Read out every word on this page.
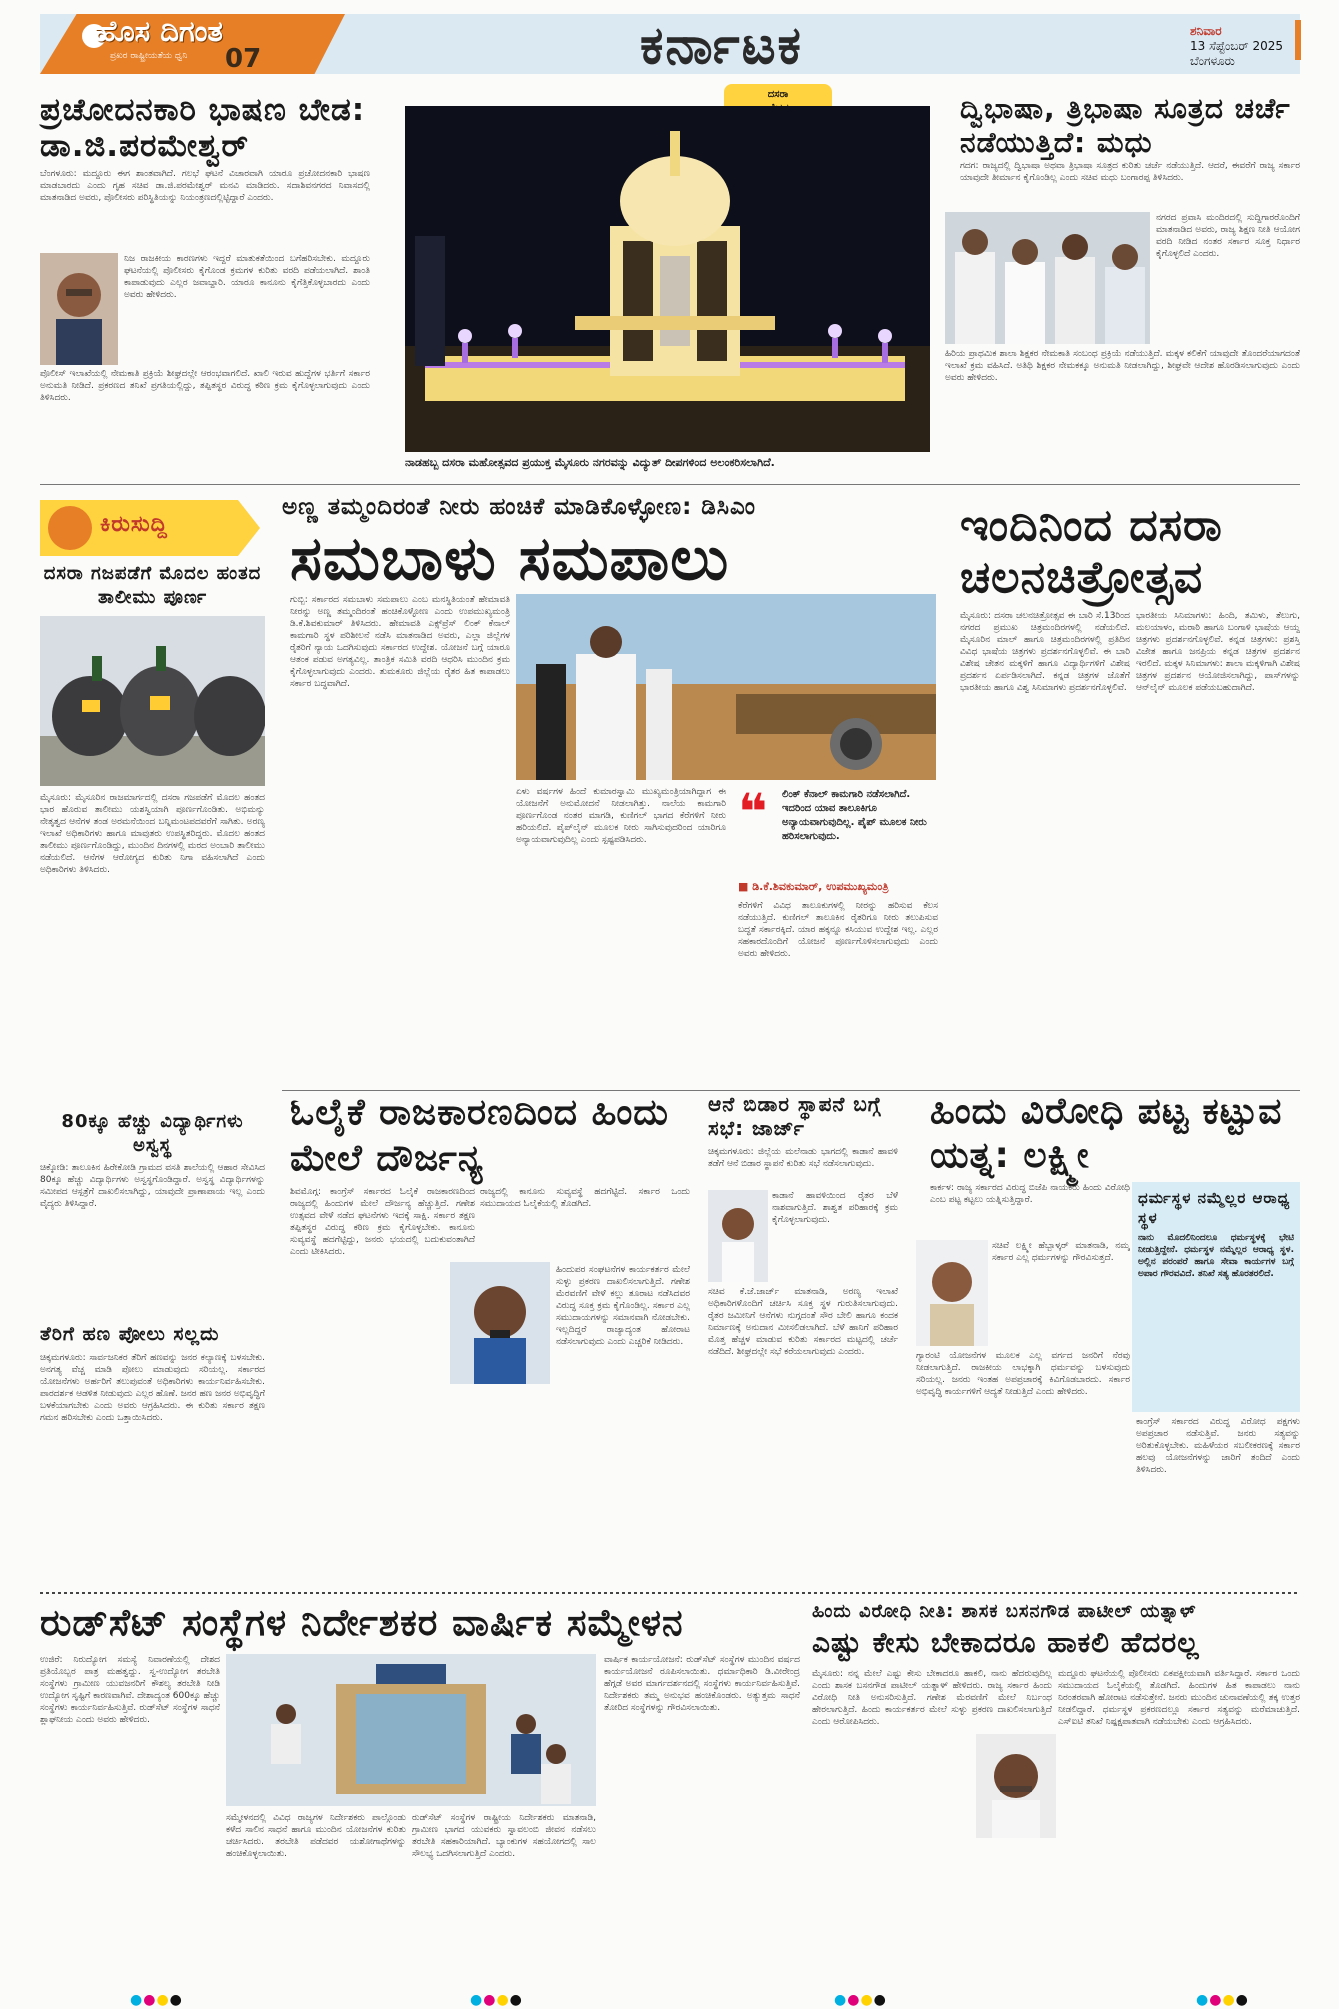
ಹೊಸ ದಿಗಂತ
ಪ್ರಖರ ರಾಷ್ಟ್ರೀಯತೆಯ ಧ್ವನಿ 07	ಕರ್ನಾಟಕ	ಶನಿವಾರ
13 ಸೆಪ್ಟೆಂಬರ್ 2025
ಬೆಂಗಳೂರು
ಪ್ರಚೋದನಕಾರಿ ಭಾಷಣ ಬೇಡ: ಡಾ.ಜಿ.ಪರಮೇಶ್ವರ್
ಬೆಂಗಳೂರು: ಮದ್ದೂರು ಈಗ ಶಾಂತವಾಗಿದೆ. ಗಲಭೆ ಘಟನೆ ವಿಚಾರವಾಗಿ ಯಾರೂ ಪ್ರಚೋದನಕಾರಿ ಭಾಷಣ ಮಾಡಬಾರದು ಎಂದು ಗೃಹ ಸಚಿವ ಡಾ.ಜಿ.ಪರಮೇಶ್ವರ್ ಮನವಿ ಮಾಡಿದರು. ಸದಾಶಿವನಗರದ ನಿವಾಸದಲ್ಲಿ ಮಾತನಾಡಿದ ಅವರು, ಪೊಲೀಸರು ಪರಿಸ್ಥಿತಿಯನ್ನು ನಿಯಂತ್ರಣದಲ್ಲಿಟ್ಟಿದ್ದಾರೆ ಎಂದರು.
ನಿಜ ರಾಜಕೀಯ ಕಾರಣಗಳು ಇದ್ದರೆ ಮಾತುಕತೆಯಿಂದ ಬಗೆಹರಿಸಬೇಕು. ಮದ್ದೂರು ಘಟನೆಯಲ್ಲಿ ಪೊಲೀಸರು ಕೈಗೊಂಡ ಕ್ರಮಗಳ ಕುರಿತು ವರದಿ ಪಡೆಯಲಾಗಿದೆ. ಶಾಂತಿ ಕಾಪಾಡುವುದು ಎಲ್ಲರ ಜವಾಬ್ದಾರಿ. ಯಾರೂ ಕಾನೂನು ಕೈಗೆತ್ತಿಕೊಳ್ಳಬಾರದು ಎಂದು ಅವರು ಹೇಳಿದರು.
ಪೊಲೀಸ್ ಇಲಾಖೆಯಲ್ಲಿ ನೇಮಕಾತಿ ಪ್ರಕ್ರಿಯೆ ಶೀಘ್ರದಲ್ಲೇ ಆರಂಭವಾಗಲಿದೆ. ಖಾಲಿ ಇರುವ ಹುದ್ದೆಗಳ ಭರ್ತಿಗೆ ಸರ್ಕಾರ ಅನುಮತಿ ನೀಡಿದೆ. ಪ್ರಕರಣದ ತನಿಖೆ ಪ್ರಗತಿಯಲ್ಲಿದ್ದು, ತಪ್ಪಿತಸ್ಥರ ವಿರುದ್ಧ ಕಠಿಣ ಕ್ರಮ ಕೈಗೊಳ್ಳಲಾಗುವುದು ಎಂದು ತಿಳಿಸಿದರು.
ದಸರಾ
ನಾಡಹಬ್ಬ ದಸರಾ ಮಹೋತ್ಸವದ ಪ್ರಯುಕ್ತ ಮೈಸೂರು ನಗರವನ್ನು ವಿದ್ಯುತ್ ದೀಪಗಳಿಂದ ಅಲಂಕರಿಸಲಾಗಿದೆ.
ದ್ವಿಭಾಷಾ, ತ್ರಿಭಾಷಾ ಸೂತ್ರದ ಚರ್ಚೆ ನಡೆಯುತ್ತಿದೆ: ಮಧು
ಗದಗ: ರಾಜ್ಯದಲ್ಲಿ ದ್ವಿಭಾಷಾ ಅಥವಾ ತ್ರಿಭಾಷಾ ಸೂತ್ರದ ಕುರಿತು ಚರ್ಚೆ ನಡೆಯುತ್ತಿದೆ. ಆದರೆ, ಈವರೆಗೆ ರಾಜ್ಯ ಸರ್ಕಾರ ಯಾವುದೇ ತೀರ್ಮಾನ ಕೈಗೊಂಡಿಲ್ಲ ಎಂದು ಸಚಿವ ಮಧು ಬಂಗಾರಪ್ಪ ತಿಳಿಸಿದರು.
ನಗರದ ಪ್ರವಾಸಿ ಮಂದಿರದಲ್ಲಿ ಸುದ್ದಿಗಾರರೊಂದಿಗೆ ಮಾತನಾಡಿದ ಅವರು, ರಾಜ್ಯ ಶಿಕ್ಷಣ ನೀತಿ ಆಯೋಗ ವರದಿ ನೀಡಿದ ನಂತರ ಸರ್ಕಾರ ಸೂಕ್ತ ನಿರ್ಧಾರ ಕೈಗೊಳ್ಳಲಿದೆ ಎಂದರು.
ಹಿರಿಯ ಪ್ರಾಥಮಿಕ ಶಾಲಾ ಶಿಕ್ಷಕರ ನೇಮಕಾತಿ ಸಂಬಂಧ ಪ್ರಕ್ರಿಯೆ ನಡೆಯುತ್ತಿದೆ. ಮಕ್ಕಳ ಕಲಿಕೆಗೆ ಯಾವುದೇ ತೊಂದರೆಯಾಗದಂತೆ ಇಲಾಖೆ ಕ್ರಮ ವಹಿಸಿದೆ. ಅತಿಥಿ ಶಿಕ್ಷಕರ ನೇಮಕಕ್ಕೂ ಅನುಮತಿ ನೀಡಲಾಗಿದ್ದು, ಶೀಘ್ರವೇ ಆದೇಶ ಹೊರಡಿಸಲಾಗುವುದು ಎಂದು ಅವರು ಹೇಳಿದರು.
ಕಿರುಸುದ್ದಿ
ದಸರಾ ಗಜಪಡೆಗೆ ಮೊದಲ ಹಂತದ ತಾಲೀಮು ಪೂರ್ಣ
ಮೈಸೂರು: ಮೈಸೂರಿನ ರಾಜಮಾರ್ಗದಲ್ಲಿ ದಸರಾ ಗಜಪಡೆಗೆ ಮೊದಲ ಹಂತದ ಭಾರ ಹೊರುವ ತಾಲೀಮು ಯಶಸ್ವಿಯಾಗಿ ಪೂರ್ಣಗೊಂಡಿತು. ಅಭಿಮನ್ಯು ನೇತೃತ್ವದ ಆನೆಗಳ ತಂಡ ಅರಮನೆಯಿಂದ ಬನ್ನಿಮಂಟಪದವರೆಗೆ ಸಾಗಿತು. ಅರಣ್ಯ ಇಲಾಖೆ ಅಧಿಕಾರಿಗಳು ಹಾಗೂ ಮಾವುತರು ಉಪಸ್ಥಿತರಿದ್ದರು. ಮೊದಲ ಹಂತದ ತಾಲೀಮು ಪೂರ್ಣಗೊಂಡಿದ್ದು, ಮುಂದಿನ ದಿನಗಳಲ್ಲಿ ಮರದ ಅಂಬಾರಿ ತಾಲೀಮು ನಡೆಯಲಿದೆ. ಆನೆಗಳ ಆರೋಗ್ಯದ ಕುರಿತು ನಿಗಾ ವಹಿಸಲಾಗಿದೆ ಎಂದು ಅಧಿಕಾರಿಗಳು ತಿಳಿಸಿದರು.
ಅಣ್ಣ ತಮ್ಮಂದಿರಂತೆ ನೀರು ಹಂಚಿಕೆ ಮಾಡಿಕೊಳ್ಳೋಣ: ಡಿಸಿಎಂ
ಸಮಬಾಳು ಸಮಪಾಲು
ಗುಬ್ಬಿ: ಸರ್ಕಾರದ ಸಮಬಾಳು ಸಮಪಾಲು ಎಂಬ ಮನಸ್ಥಿತಿಯಂತೆ ಹೇಮಾವತಿ ನೀರನ್ನು ಅಣ್ಣ ತಮ್ಮಂದಿರಂತೆ ಹಂಚಿಕೊಳ್ಳೋಣ ಎಂದು ಉಪಮುಖ್ಯಮಂತ್ರಿ ಡಿ.ಕೆ.ಶಿವಕುಮಾರ್ ತಿಳಿಸಿದರು. ಹೇಮಾವತಿ ಎಕ್ಸ್‌ಪ್ರೆಸ್ ಲಿಂಕ್ ಕೆನಾಲ್ ಕಾಮಗಾರಿ ಸ್ಥಳ ಪರಿಶೀಲನೆ ನಡೆಸಿ ಮಾತನಾಡಿದ ಅವರು, ಎಲ್ಲಾ ಜಿಲ್ಲೆಗಳ ರೈತರಿಗೆ ನ್ಯಾಯ ಒದಗಿಸುವುದು ಸರ್ಕಾರದ ಉದ್ದೇಶ. ಯೋಜನೆ ಬಗ್ಗೆ ಯಾರೂ ಆತಂಕ ಪಡುವ ಅಗತ್ಯವಿಲ್ಲ. ತಾಂತ್ರಿಕ ಸಮಿತಿ ವರದಿ ಆಧರಿಸಿ ಮುಂದಿನ ಕ್ರಮ ಕೈಗೊಳ್ಳಲಾಗುವುದು ಎಂದರು. ತುಮಕೂರು ಜಿಲ್ಲೆಯ ರೈತರ ಹಿತ ಕಾಪಾಡಲು ಸರ್ಕಾರ ಬದ್ಧವಾಗಿದೆ.
ಏಳು ವರ್ಷಗಳ ಹಿಂದೆ ಕುಮಾರಸ್ವಾಮಿ ಮುಖ್ಯಮಂತ್ರಿಯಾಗಿದ್ದಾಗ ಈ ಯೋಜನೆಗೆ ಅನುಮೋದನೆ ನೀಡಲಾಗಿತ್ತು. ನಾಲೆಯ ಕಾಮಗಾರಿ ಪೂರ್ಣಗೊಂಡ ನಂತರ ಮಾಗಡಿ, ಕುಣಿಗಲ್ ಭಾಗದ ಕೆರೆಗಳಿಗೆ ನೀರು ಹರಿಯಲಿದೆ. ಪೈಪ್‌ಲೈನ್ ಮೂಲಕ ನೀರು ಸಾಗಿಸುವುದರಿಂದ ಯಾರಿಗೂ ಅನ್ಯಾಯವಾಗುವುದಿಲ್ಲ ಎಂದು ಸ್ಪಷ್ಟಪಡಿಸಿದರು.	❝	ಲಿಂಕ್ ಕೆನಾಲ್ ಕಾಮಗಾರಿ ನಡೆಸಲಾಗಿದೆ. ಇದರಿಂದ ಯಾವ ತಾಲೂಕಿಗೂ ಅನ್ಯಾಯವಾಗುವುದಿಲ್ಲ. ಪೈಪ್ ಮೂಲಕ ನೀರು ಹರಿಸಲಾಗುವುದು.
■ ಡಿ.ಕೆ.ಶಿವಕುಮಾರ್, ಉಪಮುಖ್ಯಮಂತ್ರಿ
ಕೆರೆಗಳಿಗೆ ವಿವಿಧ ತಾಲೂಕುಗಳಲ್ಲಿ ನೀರನ್ನು ಹರಿಸುವ ಕೆಲಸ ನಡೆಯುತ್ತಿದೆ. ಕುಣಿಗಲ್ ತಾಲೂಕಿನ ರೈತರಿಗೂ ನೀರು ತಲುಪಿಸುವ ಬದ್ಧತೆ ಸರ್ಕಾರಕ್ಕಿದೆ. ಯಾರ ಹಕ್ಕನ್ನೂ ಕಸಿಯುವ ಉದ್ದೇಶ ಇಲ್ಲ. ಎಲ್ಲರ ಸಹಕಾರದೊಂದಿಗೆ ಯೋಜನೆ ಪೂರ್ಣಗೊಳಿಸಲಾಗುವುದು ಎಂದು ಅವರು ಹೇಳಿದರು.
ಇಂದಿನಿಂದ ದಸರಾ ಚಲನಚಿತ್ರೋತ್ಸವ
ಮೈಸೂರು: ದಸರಾ ಚಲನಚಿತ್ರೋತ್ಸವ ಈ ಬಾರಿ ಸೆ.13ರಿಂದ ನಗರದ ಪ್ರಮುಖ ಚಿತ್ರಮಂದಿರಗಳಲ್ಲಿ ನಡೆಯಲಿದೆ. ಮೈಸೂರಿನ ಮಾಲ್ ಹಾಗೂ ಚಿತ್ರಮಂದಿರಗಳಲ್ಲಿ ಪ್ರತಿದಿನ ವಿವಿಧ ಭಾಷೆಯ ಚಿತ್ರಗಳು ಪ್ರದರ್ಶನಗೊಳ್ಳಲಿವೆ. ಈ ಬಾರಿ ವಿಶೇಷ ಚೇತನ ಮಕ್ಕಳಿಗೆ ಹಾಗೂ ವಿದ್ಯಾರ್ಥಿಗಳಿಗೆ ವಿಶೇಷ ಪ್ರದರ್ಶನ ಏರ್ಪಡಿಸಲಾಗಿದೆ. ಕನ್ನಡ ಚಿತ್ರಗಳ ಜೊತೆಗೆ ಭಾರತೀಯ ಹಾಗೂ ವಿಶ್ವ ಸಿನಿಮಾಗಳು ಪ್ರದರ್ಶನಗೊಳ್ಳಲಿವೆ.
ಭಾರತೀಯ ಸಿನಿಮಾಗಳು: ಹಿಂದಿ, ತಮಿಳು, ತೆಲುಗು, ಮಲಯಾಳಂ, ಮರಾಠಿ ಹಾಗೂ ಬಂಗಾಳಿ ಭಾಷೆಯ ಆಯ್ದ ಚಿತ್ರಗಳು ಪ್ರದರ್ಶನಗೊಳ್ಳಲಿವೆ. ಕನ್ನಡ ಚಿತ್ರಗಳು: ಪ್ರಶಸ್ತಿ ವಿಜೇತ ಹಾಗೂ ಜನಪ್ರಿಯ ಕನ್ನಡ ಚಿತ್ರಗಳ ಪ್ರದರ್ಶನ ಇರಲಿದೆ. ಮಕ್ಕಳ ಸಿನಿಮಾಗಳು: ಶಾಲಾ ಮಕ್ಕಳಿಗಾಗಿ ವಿಶೇಷ ಚಿತ್ರಗಳ ಪ್ರದರ್ಶನ ಆಯೋಜಿಸಲಾಗಿದ್ದು, ಪಾಸ್‌ಗಳನ್ನು ಆನ್‌ಲೈನ್ ಮೂಲಕ ಪಡೆಯಬಹುದಾಗಿದೆ.
80ಕ್ಕೂ ಹೆಚ್ಚು ವಿದ್ಯಾರ್ಥಿಗಳು ಅಸ್ವಸ್ಥ
ಚಿಕ್ಕೋಡಿ: ತಾಲೂಕಿನ ಹಿರೇಕೋಡಿ ಗ್ರಾಮದ ವಸತಿ ಶಾಲೆಯಲ್ಲಿ ಆಹಾರ ಸೇವಿಸಿದ 80ಕ್ಕೂ ಹೆಚ್ಚು ವಿದ್ಯಾರ್ಥಿಗಳು ಅಸ್ವಸ್ಥಗೊಂಡಿದ್ದಾರೆ. ಅಸ್ವಸ್ಥ ವಿದ್ಯಾರ್ಥಿಗಳನ್ನು ಸಮೀಪದ ಆಸ್ಪತ್ರೆಗೆ ದಾಖಲಿಸಲಾಗಿದ್ದು, ಯಾವುದೇ ಪ್ರಾಣಾಪಾಯ ಇಲ್ಲ ಎಂದು ವೈದ್ಯರು ತಿಳಿಸಿದ್ದಾರೆ.
ತೆರಿಗೆ ಹಣ ಪೋಲು ಸಲ್ಲದು
ಚಿಕ್ಕಮಗಳೂರು: ಸಾರ್ವಜನಿಕರ ತೆರಿಗೆ ಹಣವನ್ನು ಜನರ ಕಲ್ಯಾಣಕ್ಕೆ ಬಳಸಬೇಕು. ಅನಗತ್ಯ ವೆಚ್ಚ ಮಾಡಿ ಪೋಲು ಮಾಡುವುದು ಸರಿಯಲ್ಲ. ಸರ್ಕಾರದ ಯೋಜನೆಗಳು ಅರ್ಹರಿಗೆ ತಲುಪುವಂತೆ ಅಧಿಕಾರಿಗಳು ಕಾರ್ಯನಿರ್ವಹಿಸಬೇಕು. ಪಾರದರ್ಶಕ ಆಡಳಿತ ನೀಡುವುದು ಎಲ್ಲರ ಹೊಣೆ. ಜನರ ಹಣ ಜನರ ಅಭಿವೃದ್ಧಿಗೆ ಬಳಕೆಯಾಗಬೇಕು ಎಂದು ಅವರು ಆಗ್ರಹಿಸಿದರು. ಈ ಕುರಿತು ಸರ್ಕಾರ ತಕ್ಷಣ ಗಮನ ಹರಿಸಬೇಕು ಎಂದು ಒತ್ತಾಯಿಸಿದರು.
ಓಲೈಕೆ ರಾಜಕಾರಣದಿಂದ ಹಿಂದು ಮೇಲೆ ದೌರ್ಜನ್ಯ
ಶಿವಮೊಗ್ಗ: ಕಾಂಗ್ರೆಸ್ ಸರ್ಕಾರದ ಓಲೈಕೆ ರಾಜಕಾರಣದಿಂದ ರಾಜ್ಯದಲ್ಲಿ ಹಿಂದುಗಳ ಮೇಲೆ ದೌರ್ಜನ್ಯ ಹೆಚ್ಚುತ್ತಿದೆ. ಗಣೇಶ ಉತ್ಸವದ ವೇಳೆ ನಡೆದ ಘಟನೆಗಳು ಇದಕ್ಕೆ ಸಾಕ್ಷಿ. ಸರ್ಕಾರ ತಕ್ಷಣ ತಪ್ಪಿತಸ್ಥರ ವಿರುದ್ಧ ಕಠಿಣ ಕ್ರಮ ಕೈಗೊಳ್ಳಬೇಕು. ಕಾನೂನು ಸುವ್ಯವಸ್ಥೆ ಹದಗೆಟ್ಟಿದ್ದು, ಜನರು ಭಯದಲ್ಲಿ ಬದುಕುವಂತಾಗಿದೆ ಎಂದು ಟೀಕಿಸಿದರು.
ರಾಜ್ಯದಲ್ಲಿ ಕಾನೂನು ಸುವ್ಯವಸ್ಥೆ ಹದಗೆಟ್ಟಿದೆ. ಸರ್ಕಾರ ಒಂದು ಸಮುದಾಯದ ಓಲೈಕೆಯಲ್ಲಿ ತೊಡಗಿದೆ.
ಹಿಂದುಪರ ಸಂಘಟನೆಗಳ ಕಾರ್ಯಕರ್ತರ ಮೇಲೆ ಸುಳ್ಳು ಪ್ರಕರಣ ದಾಖಲಿಸಲಾಗುತ್ತಿದೆ. ಗಣೇಶ ಮೆರವಣಿಗೆ ವೇಳೆ ಕಲ್ಲು ತೂರಾಟ ನಡೆಸಿದವರ ವಿರುದ್ಧ ಸೂಕ್ತ ಕ್ರಮ ಕೈಗೊಂಡಿಲ್ಲ. ಸರ್ಕಾರ ಎಲ್ಲ ಸಮುದಾಯಗಳನ್ನು ಸಮಾನವಾಗಿ ನೋಡಬೇಕು. ಇಲ್ಲದಿದ್ದರೆ ರಾಜ್ಯಾದ್ಯಂತ ಹೋರಾಟ ನಡೆಸಲಾಗುವುದು ಎಂದು ಎಚ್ಚರಿಕೆ ನೀಡಿದರು.
ಆನೆ ಬಿಡಾರ ಸ್ಥಾಪನೆ ಬಗ್ಗೆ ಸಭೆ: ಜಾರ್ಜ್
ಚಿಕ್ಕಮಗಳೂರು: ಜಿಲ್ಲೆಯ ಮಲೆನಾಡು ಭಾಗದಲ್ಲಿ ಕಾಡಾನೆ ಹಾವಳಿ ತಡೆಗೆ ಆನೆ ಬಿಡಾರ ಸ್ಥಾಪನೆ ಕುರಿತು ಸಭೆ ನಡೆಸಲಾಗುವುದು.
ಕಾಡಾನೆ ಹಾವಳಿಯಿಂದ ರೈತರ ಬೆಳೆ ನಾಶವಾಗುತ್ತಿದೆ. ಶಾಶ್ವತ ಪರಿಹಾರಕ್ಕೆ ಕ್ರಮ ಕೈಗೊಳ್ಳಲಾಗುವುದು.
ಸಚಿವ ಕೆ.ಜೆ.ಜಾರ್ಜ್ ಮಾತನಾಡಿ, ಅರಣ್ಯ ಇಲಾಖೆ ಅಧಿಕಾರಿಗಳೊಂದಿಗೆ ಚರ್ಚಿಸಿ ಸೂಕ್ತ ಸ್ಥಳ ಗುರುತಿಸಲಾಗುವುದು. ರೈತರ ಜಮೀನಿಗೆ ಆನೆಗಳು ನುಗ್ಗದಂತೆ ಸೌರ ಬೇಲಿ ಹಾಗೂ ಕಂದಕ ನಿರ್ಮಾಣಕ್ಕೆ ಅನುದಾನ ಮೀಸಲಿಡಲಾಗಿದೆ. ಬೆಳೆ ಹಾನಿಗೆ ಪರಿಹಾರ ಮೊತ್ತ ಹೆಚ್ಚಳ ಮಾಡುವ ಕುರಿತು ಸರ್ಕಾರದ ಮಟ್ಟದಲ್ಲಿ ಚರ್ಚೆ ನಡೆದಿದೆ. ಶೀಘ್ರದಲ್ಲೇ ಸಭೆ ಕರೆಯಲಾಗುವುದು ಎಂದರು.
ಹಿಂದು ವಿರೋಧಿ ಪಟ್ಟ ಕಟ್ಟುವ ಯತ್ನ: ಲಕ್ಷ್ಮೀ
ಕಾರ್ಕಳ: ರಾಜ್ಯ ಸರ್ಕಾರದ ವಿರುದ್ಧ ಬಿಜೆಪಿ ನಾಯಕರು ಹಿಂದು ವಿರೋಧಿ ಎಂಬ ಪಟ್ಟ ಕಟ್ಟಲು ಯತ್ನಿಸುತ್ತಿದ್ದಾರೆ.
ಸಚಿವೆ ಲಕ್ಷ್ಮೀ ಹೆಬ್ಬಾಳ್ಕರ್ ಮಾತನಾಡಿ, ನಮ್ಮ ಸರ್ಕಾರ ಎಲ್ಲ ಧರ್ಮಗಳನ್ನು ಗೌರವಿಸುತ್ತದೆ.
ಗ್ಯಾರಂಟಿ ಯೋಜನೆಗಳ ಮೂಲಕ ಎಲ್ಲ ವರ್ಗದ ಜನರಿಗೆ ನೆರವು ನೀಡಲಾಗುತ್ತಿದೆ. ರಾಜಕೀಯ ಲಾಭಕ್ಕಾಗಿ ಧರ್ಮವನ್ನು ಬಳಸುವುದು ಸರಿಯಲ್ಲ. ಜನರು ಇಂತಹ ಅಪಪ್ರಚಾರಕ್ಕೆ ಕಿವಿಗೊಡಬಾರದು. ಸರ್ಕಾರ ಅಭಿವೃದ್ಧಿ ಕಾರ್ಯಗಳಿಗೆ ಆದ್ಯತೆ ನೀಡುತ್ತಿದೆ ಎಂದು ಹೇಳಿದರು.
ಧರ್ಮಸ್ಥಳ ನಮ್ಮೆಲ್ಲರ ಆರಾಧ್ಯ ಸ್ಥಳ
ನಾನು ಮೊದಲಿನಿಂದಲೂ ಧರ್ಮಸ್ಥಳಕ್ಕೆ ಭೇಟಿ ನೀಡುತ್ತಿದ್ದೇನೆ. ಧರ್ಮಸ್ಥಳ ನಮ್ಮೆಲ್ಲರ ಆರಾಧ್ಯ ಸ್ಥಳ. ಅಲ್ಲಿನ ಪರಂಪರೆ ಹಾಗೂ ಸೇವಾ ಕಾರ್ಯಗಳ ಬಗ್ಗೆ ಅಪಾರ ಗೌರವವಿದೆ. ತನಿಖೆ ಸತ್ಯ ಹೊರತರಲಿದೆ.
ಕಾಂಗ್ರೆಸ್ ಸರ್ಕಾರದ ವಿರುದ್ಧ ವಿರೋಧ ಪಕ್ಷಗಳು ಅಪಪ್ರಚಾರ ನಡೆಸುತ್ತಿವೆ. ಜನರು ಸತ್ಯವನ್ನು ಅರಿತುಕೊಳ್ಳಬೇಕು. ಮಹಿಳೆಯರ ಸಬಲೀಕರಣಕ್ಕೆ ಸರ್ಕಾರ ಹಲವು ಯೋಜನೆಗಳನ್ನು ಜಾರಿಗೆ ತಂದಿದೆ ಎಂದು ತಿಳಿಸಿದರು.
ರುಡ್‌ಸೆಟ್ ಸಂಸ್ಥೆಗಳ ನಿರ್ದೇಶಕರ ವಾರ್ಷಿಕ ಸಮ್ಮೇಳನ
ಉಜಿರೆ: ನಿರುದ್ಯೋಗ ಸಮಸ್ಯೆ ನಿವಾರಣೆಯಲ್ಲಿ ದೇಶದ ಪ್ರತಿಯೊಬ್ಬರ ಪಾತ್ರ ಮಹತ್ವದ್ದು. ಸ್ವ-ಉದ್ಯೋಗ ತರಬೇತಿ ಸಂಸ್ಥೆಗಳು ಗ್ರಾಮೀಣ ಯುವಜನರಿಗೆ ಕೌಶಲ್ಯ ತರಬೇತಿ ನೀಡಿ ಉದ್ಯೋಗ ಸೃಷ್ಟಿಗೆ ಕಾರಣವಾಗಿವೆ. ದೇಶಾದ್ಯಂತ 600ಕ್ಕೂ ಹೆಚ್ಚು ಸಂಸ್ಥೆಗಳು ಕಾರ್ಯನಿರ್ವಹಿಸುತ್ತಿವೆ. ರುಡ್‌ಸೆಟ್ ಸಂಸ್ಥೆಗಳ ಸಾಧನೆ ಶ್ಲಾಘನೀಯ ಎಂದು ಅವರು ಹೇಳಿದರು.
ಸಮ್ಮೇಳನದಲ್ಲಿ ವಿವಿಧ ರಾಜ್ಯಗಳ ನಿರ್ದೇಶಕರು ಪಾಲ್ಗೊಂಡು ಕಳೆದ ಸಾಲಿನ ಸಾಧನೆ ಹಾಗೂ ಮುಂದಿನ ಯೋಜನೆಗಳ ಕುರಿತು ಚರ್ಚಿಸಿದರು. ತರಬೇತಿ ಪಡೆದವರ ಯಶೋಗಾಥೆಗಳನ್ನು ಹಂಚಿಕೊಳ್ಳಲಾಯಿತು.
ರುಡ್‌ಸೆಟ್ ಸಂಸ್ಥೆಗಳ ರಾಷ್ಟ್ರೀಯ ನಿರ್ದೇಶಕರು ಮಾತನಾಡಿ, ಗ್ರಾಮೀಣ ಭಾಗದ ಯುವಕರು ಸ್ವಾವಲಂಬಿ ಜೀವನ ನಡೆಸಲು ತರಬೇತಿ ಸಹಕಾರಿಯಾಗಿದೆ. ಬ್ಯಾಂಕುಗಳ ಸಹಯೋಗದಲ್ಲಿ ಸಾಲ ಸೌಲಭ್ಯ ಒದಗಿಸಲಾಗುತ್ತಿದೆ ಎಂದರು.
ವಾರ್ಷಿಕ ಕಾರ್ಯಯೋಜನೆ: ರುಡ್‌ಸೆಟ್ ಸಂಸ್ಥೆಗಳ ಮುಂದಿನ ವರ್ಷದ ಕಾರ್ಯಯೋಜನೆ ರೂಪಿಸಲಾಯಿತು. ಧರ್ಮಾಧಿಕಾರಿ ಡಿ.ವೀರೇಂದ್ರ ಹೆಗ್ಗಡೆ ಅವರ ಮಾರ್ಗದರ್ಶನದಲ್ಲಿ ಸಂಸ್ಥೆಗಳು ಕಾರ್ಯನಿರ್ವಹಿಸುತ್ತಿವೆ. ನಿರ್ದೇಶಕರು ತಮ್ಮ ಅನುಭವ ಹಂಚಿಕೊಂಡರು. ಅತ್ಯುತ್ತಮ ಸಾಧನೆ ತೋರಿದ ಸಂಸ್ಥೆಗಳನ್ನು ಗೌರವಿಸಲಾಯಿತು.
ಹಿಂದು ವಿರೋಧಿ ನೀತಿ: ಶಾಸಕ ಬಸನಗೌಡ ಪಾಟೀಲ್ ಯತ್ನಾಳ್
ಎಷ್ಟು ಕೇಸು ಬೇಕಾದರೂ ಹಾಕಲಿ ಹೆದರಲ್ಲ
ಮೈಸೂರು: ನನ್ನ ಮೇಲೆ ಎಷ್ಟು ಕೇಸು ಬೇಕಾದರೂ ಹಾಕಲಿ, ನಾನು ಹೆದರುವುದಿಲ್ಲ ಎಂದು ಶಾಸಕ ಬಸನಗೌಡ ಪಾಟೀಲ್ ಯತ್ನಾಳ್ ಹೇಳಿದರು. ರಾಜ್ಯ ಸರ್ಕಾರ ಹಿಂದು ವಿರೋಧಿ ನೀತಿ ಅನುಸರಿಸುತ್ತಿದೆ. ಗಣೇಶ ಮೆರವಣಿಗೆ ಮೇಲೆ ನಿರ್ಬಂಧ ಹೇರಲಾಗುತ್ತಿದೆ. ಹಿಂದು ಕಾರ್ಯಕರ್ತರ ಮೇಲೆ ಸುಳ್ಳು ಪ್ರಕರಣ ದಾಖಲಿಸಲಾಗುತ್ತಿದೆ ಎಂದು ಆರೋಪಿಸಿದರು.
ಮದ್ದೂರು ಘಟನೆಯಲ್ಲಿ ಪೊಲೀಸರು ಏಕಪಕ್ಷೀಯವಾಗಿ ವರ್ತಿಸಿದ್ದಾರೆ. ಸರ್ಕಾರ ಒಂದು ಸಮುದಾಯದ ಓಲೈಕೆಯಲ್ಲಿ ತೊಡಗಿದೆ. ಹಿಂದುಗಳ ಹಿತ ಕಾಪಾಡಲು ನಾನು ನಿರಂತರವಾಗಿ ಹೋರಾಟ ನಡೆಸುತ್ತೇನೆ. ಜನರು ಮುಂದಿನ ಚುನಾವಣೆಯಲ್ಲಿ ತಕ್ಕ ಉತ್ತರ ನೀಡಲಿದ್ದಾರೆ. ಧರ್ಮಸ್ಥಳ ಪ್ರಕರಣದಲ್ಲೂ ಸರ್ಕಾರ ಸತ್ಯವನ್ನು ಮರೆಮಾಚುತ್ತಿದೆ. ಎಸ್‌ಐಟಿ ತನಿಖೆ ನಿಷ್ಪಕ್ಷಪಾತವಾಗಿ ನಡೆಯಬೇಕು ಎಂದು ಆಗ್ರಹಿಸಿದರು.
●●●●	●●●●	●●●●	●●●●
